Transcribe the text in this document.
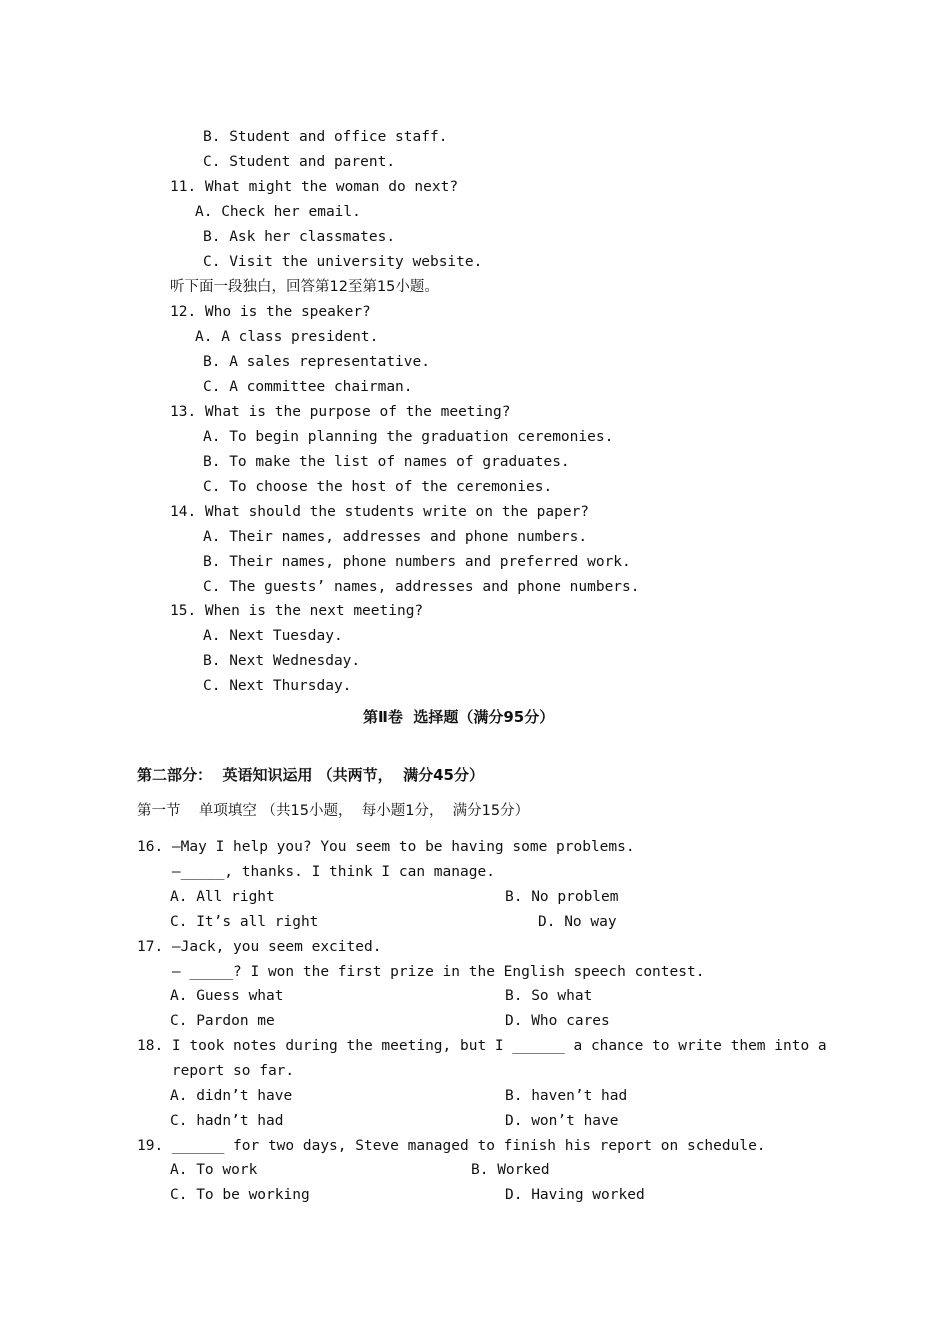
B. Student and office staff.
C. Student and parent.
11. What might the woman do next?
A. Check her email.
B. Ask her classmates.
C. Visit the university website.
听下面一段独白，回答第12至第15小题。
12. Who is the speaker?
A. A class president.
B. A sales representative.
C. A committee chairman.
13. What is the purpose of the meeting?
A. To begin planning the graduation ceremonies.
B. To make the list of names of graduates.
C. To choose the host of the ceremonies.
14. What should the students write on the paper?
A. Their names, addresses and phone numbers.
B. Their names, phone numbers and preferred work.
C. The guests’ names, addresses and phone numbers.
15. When is the next meeting?
A. Next Tuesday.
B. Next Wednesday.
C. Next Thursday.
第Ⅱ卷  选择题（满分95分）
第二部分：  英语知识运用 （共两节，  满分45分）
第一节    单项填空 （共15小题，  每小题1分，  满分15分）
16. —May I help you? You seem to be having some problems.
—_____, thanks. I think I can manage.
A. All right	B. No problem
C. It’s all right	D. No way
17. —Jack, you seem excited.
— _____? I won the first prize in the English speech contest.
A. Guess what	B. So what
C. Pardon me	D. Who cares
18. I took notes during the meeting, but I ______ a chance to write them into a
report so far.
A. didn’t have	B. haven’t had
C. hadn’t had	D. won’t have
19. ______ for two days, Steve managed to finish his report on schedule.
A. To work	B. Worked
C. To be working	D. Having worked
